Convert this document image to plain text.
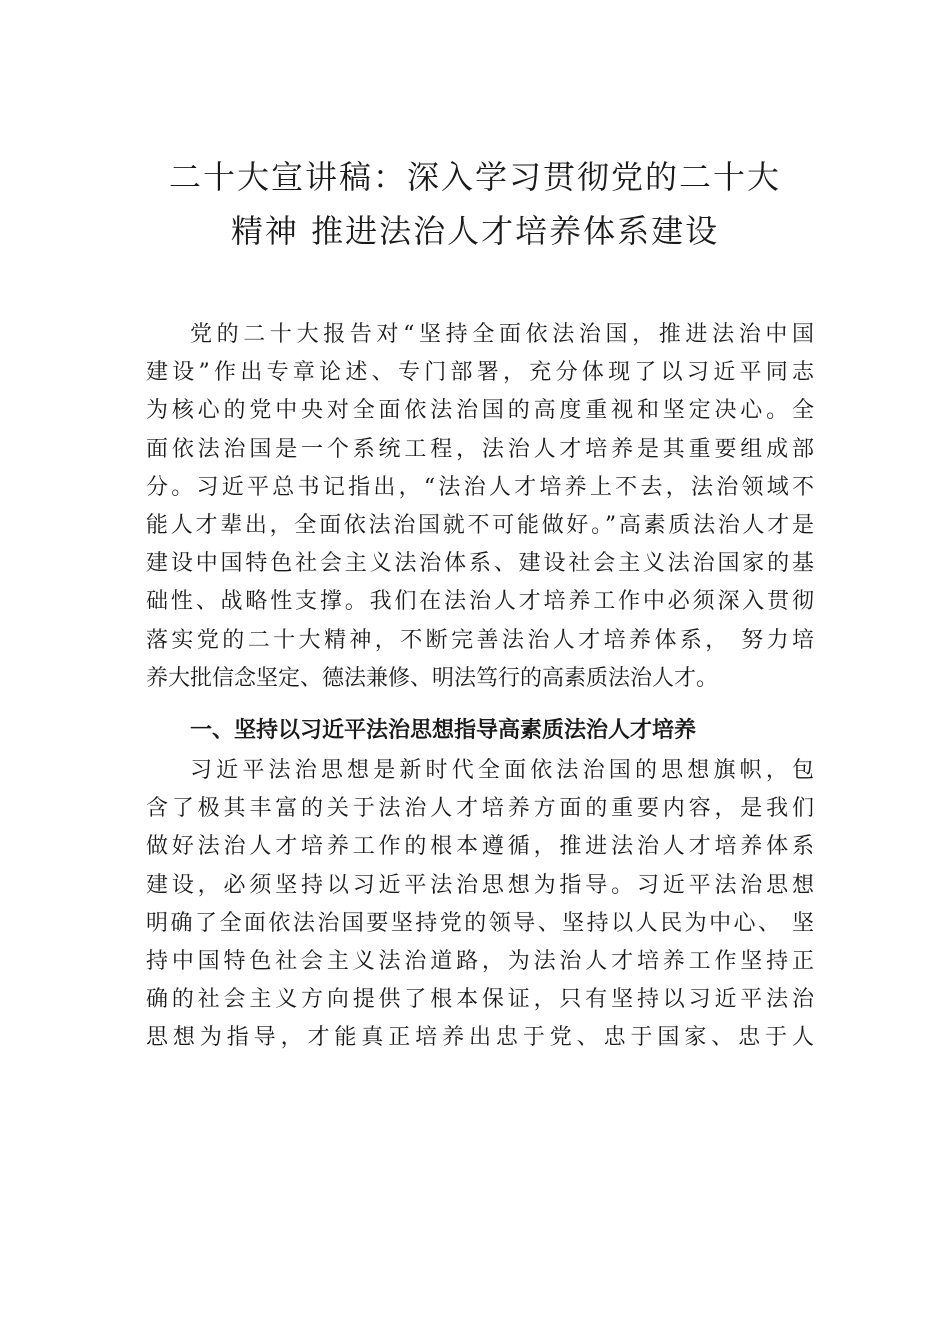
二十大宣讲稿：深入学习贯彻党的二十大
精神 推进法治人才培养体系建设
党的二十大报告对“坚持全面依法治国，推进法治中国
建设”作出专章论述、专门部署，充分体现了以习近平同志
为核心的党中央对全面依法治国的高度重视和坚定决心。全
面依法治国是一个系统工程，法治人才培养是其重要组成部
分。习近平总书记指出，“法治人才培养上不去，法治领域不
能人才辈出，全面依法治国就不可能做好。”高素质法治人才是
建设中国特色社会主义法治体系、建设社会主义法治国家的基
础性、战略性支撑。我们在法治人才培养工作中必须深入贯彻
落实党的二十大精神，不断完善法治人才培养体系， 努力培
养大批信念坚定、德法兼修、明法笃行的高素质法治人才。
一、坚持以习近平法治思想指导高素质法治人才培养
习近平法治思想是新时代全面依法治国的思想旗帜，包
含了极其丰富的关于法治人才培养方面的重要内容，是我们
做好法治人才培养工作的根本遵循，推进法治人才培养体系
建设，必须坚持以习近平法治思想为指导。习近平法治思想
明确了全面依法治国要坚持党的领导、坚持以人民为中心、 坚
持中国特色社会主义法治道路，为法治人才培养工作坚持正
确的社会主义方向提供了根本保证，只有坚持以习近平法治
思想为指导，才能真正培养出忠于党、忠于国家、忠于人
